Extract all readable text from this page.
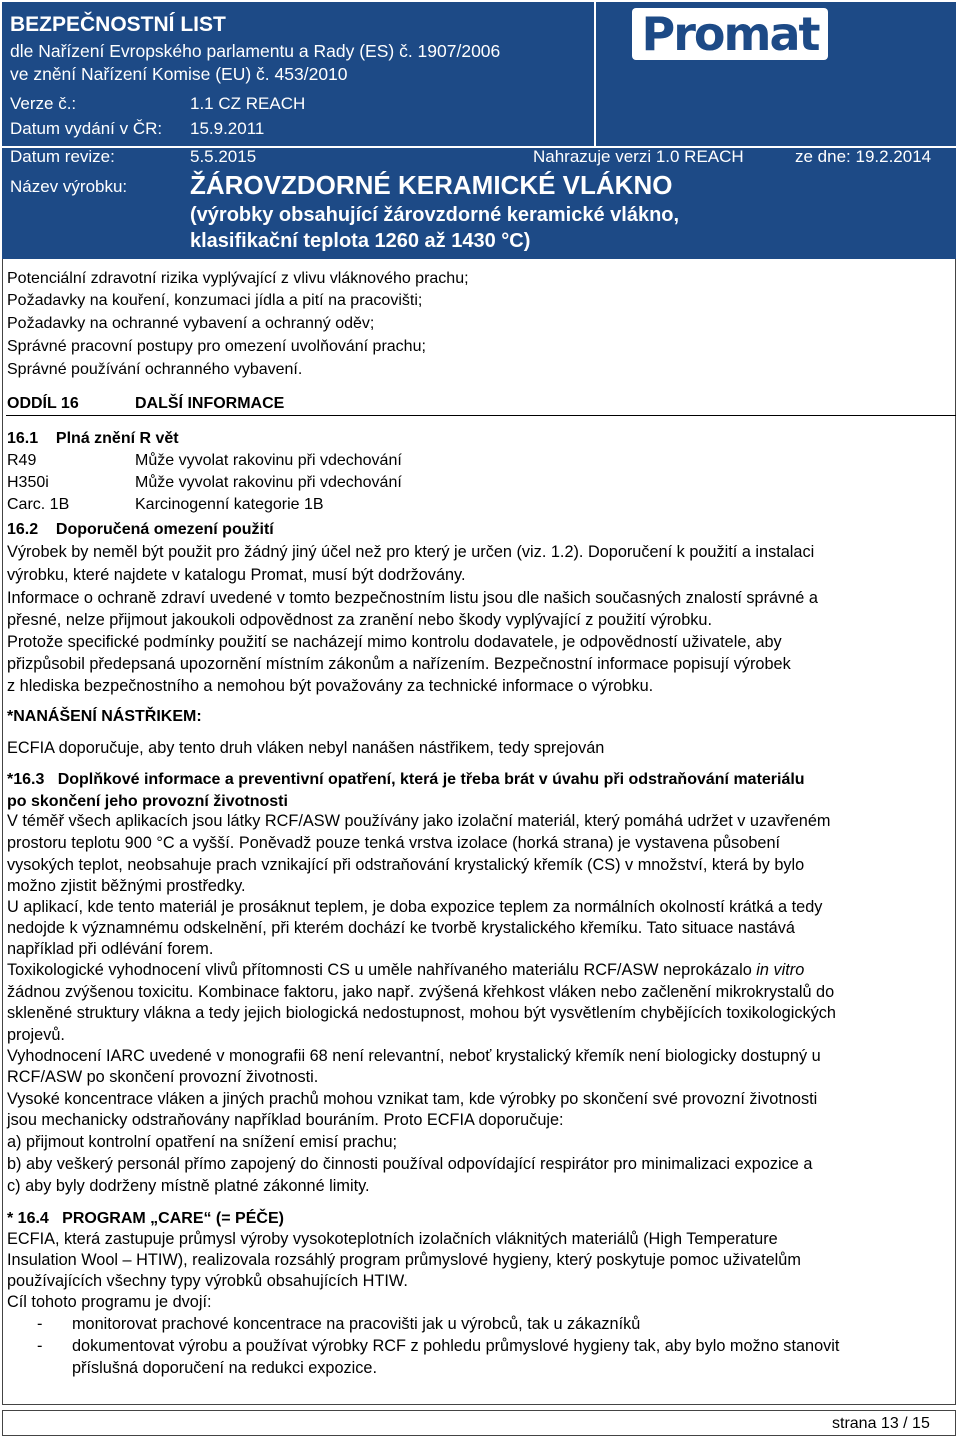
Promat
BEZPEČNOSTNÍ LIST
dle Nařízení Evropského parlamentu a Rady (ES) č. 1907/2006
ve znění Nařízení Komise (EU) č. 453/2010
Verze č.:	1.1 CZ REACH
Datum vydání v ČR: 15.9.2011
Datum revize:	5.5.2015	Nahrazuje verzi 1.0 REACH	ze dne: 19.2.2014
Název výrobku: ŽÁROVZDORNÉ KERAMICKÉ VLÁKNO
(výrobky obsahující žárovzdorné keramické vlákno,
klasifikační teplota 1260 až 1430 °C)
Potenciální zdravotní rizika vyplývající z vlivu vláknového prachu;
Požadavky na kouření, konzumaci jídla a pití na pracovišti;
Požadavky na ochranné vybavení a ochranný oděv;
Správné pracovní postupy pro omezení uvolňování prachu;
Správné používání ochranného vybavení.
ODDÍL 16	DALŠÍ INFORMACE
16.1    Plná znění R vět
R49	Může vyvolat rakovinu při vdechování
H350i	Může vyvolat rakovinu při vdechování
Carc. 1B	Karcinogenní kategorie 1B
16.2    Doporučená omezení použití
Výrobek by neměl být použit pro žádný jiný účel než pro který je určen (viz. 1.2). Doporučení k použití a instalaci
výrobku, které najdete v katalogu Promat, musí být dodržovány.
Informace o ochraně zdraví uvedené v tomto bezpečnostním listu jsou dle našich současných znalostí správné a
přesné, nelze přijmout jakoukoli odpovědnost za zranění nebo škody vyplývající z použití výrobku.
Protože specifické podmínky použití se nacházejí mimo kontrolu dodavatele, je odpovědností uživatele, aby
přizpůsobil předepsaná upozornění místním zákonům a nařízením. Bezpečnostní informace popisují výrobek
z hlediska bezpečnostního a nemohou být považovány za technické informace o výrobku.
*NANÁŠENÍ NÁSTŘIKEM:
ECFIA doporučuje, aby tento druh vláken nebyl nanášen nástřikem, tedy sprejován
*16.3   Doplňkové informace a preventivní opatření, která je třeba brát v úvahu při odstraňování materiálu
po skončení jeho provozní životnosti
V téměř všech aplikacích jsou látky RCF/ASW používány jako izolační materiál, který pomáhá udržet v uzavřeném
prostoru teplotu 900 °C a vyšší. Poněvadž pouze tenká vrstva izolace (horká strana) je vystavena působení
vysokých teplot, neobsahuje prach vznikající při odstraňování krystalický křemík (CS) v množství, která by bylo
možno zjistit běžnými prostředky.
U aplikací, kde tento materiál je prosáknut teplem, je doba expozice teplem za normálních okolností krátká a tedy
nedojde k významnému odskelnění, při kterém dochází ke tvorbě krystalického křemíku. Tato situace nastává
například při odlévání forem.
Toxikologické vyhodnocení vlivů přítomnosti CS u uměle nahřívaného materiálu RCF/ASW neprokázalo in vitro
žádnou zvýšenou toxicitu. Kombinace faktoru, jako např. zvýšená křehkost vláken nebo začlenění mikrokrystalů do
skleněné struktury vlákna a tedy jejich biologická nedostupnost, mohou být vysvětlením chybějících toxikologických
projevů.
Vyhodnocení IARC uvedené v monografii 68 není relevantní, neboť krystalický křemík není biologicky dostupný u
RCF/ASW po skončení provozní životnosti.
Vysoké koncentrace vláken a jiných prachů mohou vznikat tam, kde výrobky po skončení své provozní životnosti
jsou mechanicky odstraňovány například bouráním. Proto ECFIA doporučuje:
a) přijmout kontrolní opatření na snížení emisí prachu;
b) aby veškerý personál přímo zapojený do činnosti používal odpovídající respirátor pro minimalizaci expozice a
c) aby byly dodrženy místně platné zákonné limity.
* 16.4   PROGRAM „CARE“ (= PÉČE)
ECFIA, která zastupuje průmysl výroby vysokoteplotních izolačních vláknitých materiálů (High Temperature
Insulation Wool – HTIW), realizovala rozsáhlý program průmyslové hygieny, který poskytuje pomoc uživatelům
používajících všechny typy výrobků obsahujících HTIW.
Cíl tohoto programu je dvojí:
- monitorovat prachové koncentrace na pracovišti jak u výrobců, tak u zákazníků
- dokumentovat výrobu a používat výrobky RCF z pohledu průmyslové hygieny tak, aby bylo možno stanovit
příslušná doporučení na redukci expozice.
strana 13 / 15
